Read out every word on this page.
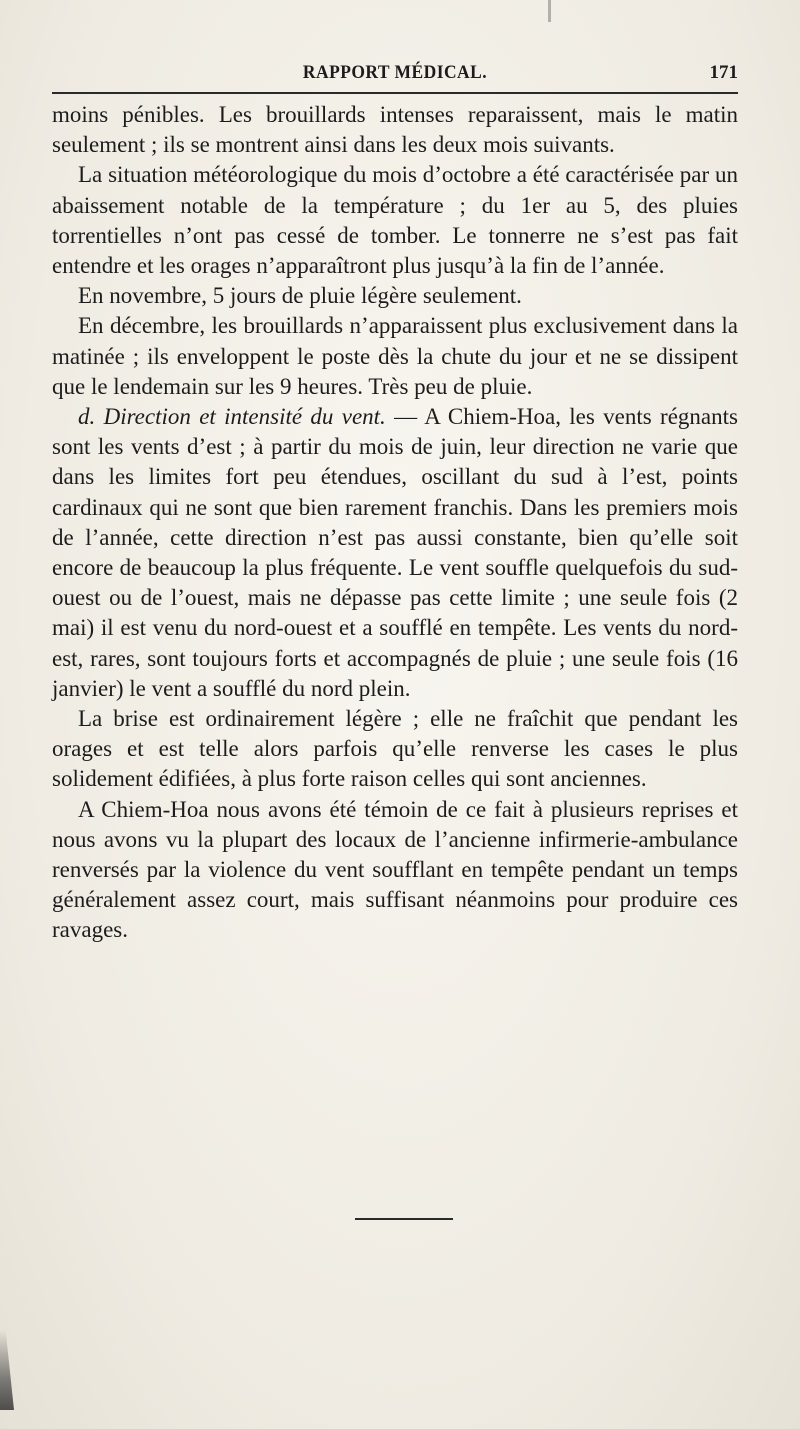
RAPPORT MÉDICAL.	171

moins pénibles. Les brouillards intenses reparaissent, mais le matin seulement ; ils se montrent ainsi dans les deux mois suivants.

La situation météorologique du mois d’octobre a été caractérisée par un abaissement notable de la température ; du 1er au 5, des pluies torrentielles n’ont pas cessé de tomber. Le tonnerre ne s’est pas fait entendre et les orages n’apparaîtront plus jusqu’à la fin de l’année.

En novembre, 5 jours de pluie légère seulement.

En décembre, les brouillards n’apparaissent plus exclusivement dans la matinée ; ils enveloppent le poste dès la chute du jour et ne se dissipent que le lendemain sur les 9 heures. Très peu de pluie.

d. Direction et intensité du vent. — A Chiem-Hoa, les vents régnants sont les vents d’est ; à partir du mois de juin, leur direction ne varie que dans les limites fort peu étendues, oscillant du sud à l’est, points cardinaux qui ne sont que bien rarement franchis. Dans les premiers mois de l’année, cette direction n’est pas aussi constante, bien qu’elle soit encore de beaucoup la plus fréquente. Le vent souffle quelquefois du sud-ouest ou de l’ouest, mais ne dépasse pas cette limite ; une seule fois (2 mai) il est venu du nord-ouest et a soufflé en tempête. Les vents du nord-est, rares, sont toujours forts et accompagnés de pluie ; une seule fois (16 janvier) le vent a soufflé du nord plein.

La brise est ordinairement légère ; elle ne fraîchit que pendant les orages et est telle alors parfois qu’elle renverse les cases le plus solidement édifiées, à plus forte raison celles qui sont anciennes.

A Chiem-Hoa nous avons été témoin de ce fait à plusieurs reprises et nous avons vu la plupart des locaux de l’ancienne infirmerie-ambulance renversés par la violence du vent soufflant en tempête pendant un temps généralement assez court, mais suffisant néanmoins pour produire ces ravages.
